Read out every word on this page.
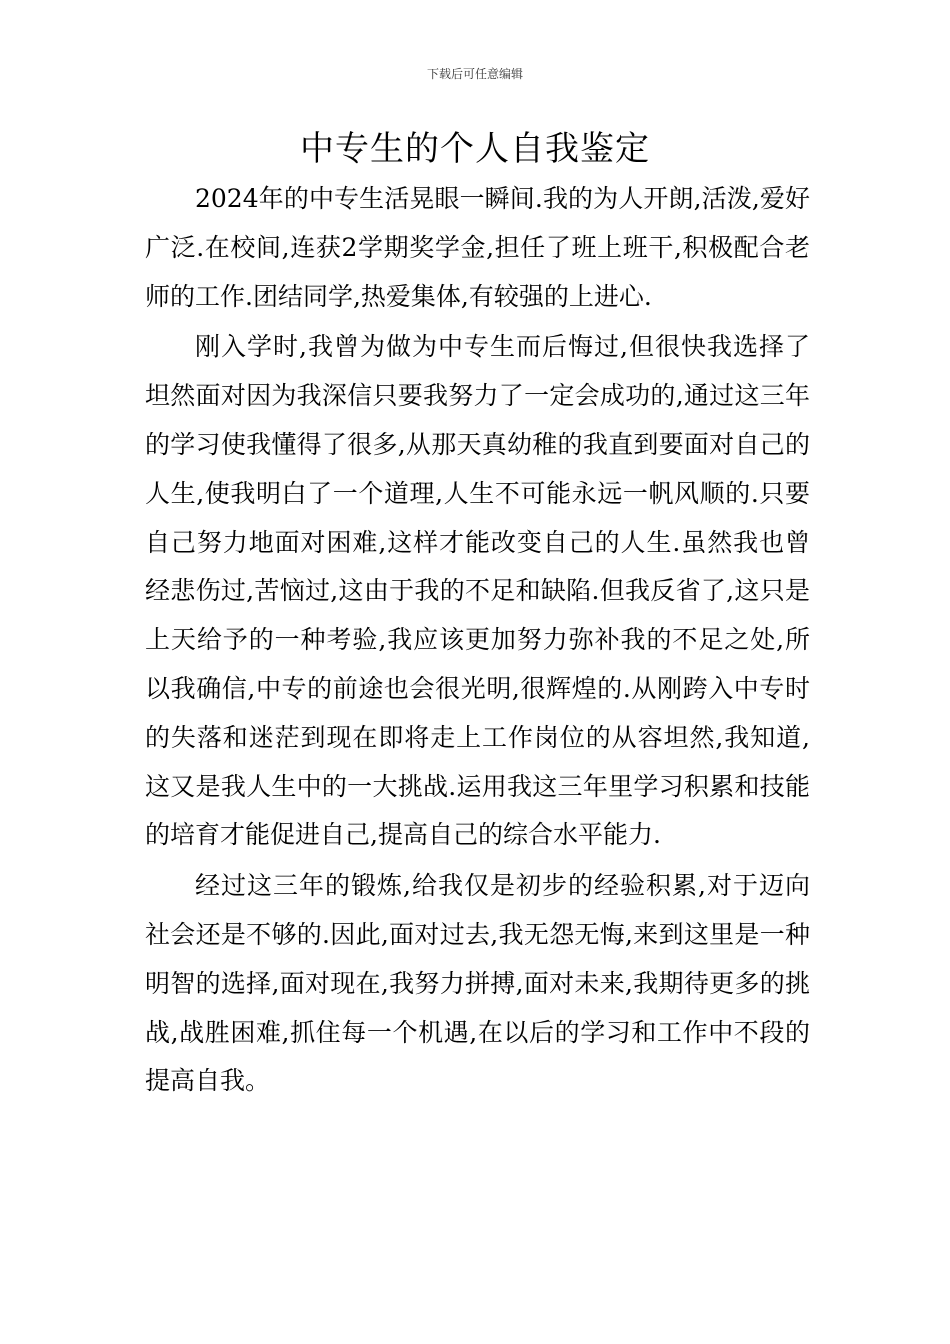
下载后可任意编辑
中专生的个人自我鉴定

2024年的中专生活晃眼一瞬间.我的为人开朗,活泼,爱好广泛.在校间,连获2学期奖学金,担任了班上班干,积极配合老师的工作.团结同学,热爱集体,有较强的上进心.

刚入学时,我曾为做为中专生而后悔过,但很快我选择了坦然面对因为我深信只要我努力了一定会成功的,通过这三年的学习使我懂得了很多,从那天真幼稚的我直到要面对自己的人生,使我明白了一个道理,人生不可能永远一帆风顺的.只要自己努力地面对困难,这样才能改变自己的人生.虽然我也曾经悲伤过,苦恼过,这由于我的不足和缺陷.但我反省了,这只是上天给予的一种考验,我应该更加努力弥补我的不足之处,所以我确信,中专的前途也会很光明,很辉煌的.从刚跨入中专时的失落和迷茫到现在即将走上工作岗位的从容坦然,我知道,这又是我人生中的一大挑战.运用我这三年里学习积累和技能的培育才能促进自己,提高自己的综合水平能力.

经过这三年的锻炼,给我仅是初步的经验积累,对于迈向社会还是不够的.因此,面对过去,我无怨无悔,来到这里是一种明智的选择,面对现在,我努力拼搏,面对未来,我期待更多的挑战,战胜困难,抓住每一个机遇,在以后的学习和工作中不段的提高自我。
